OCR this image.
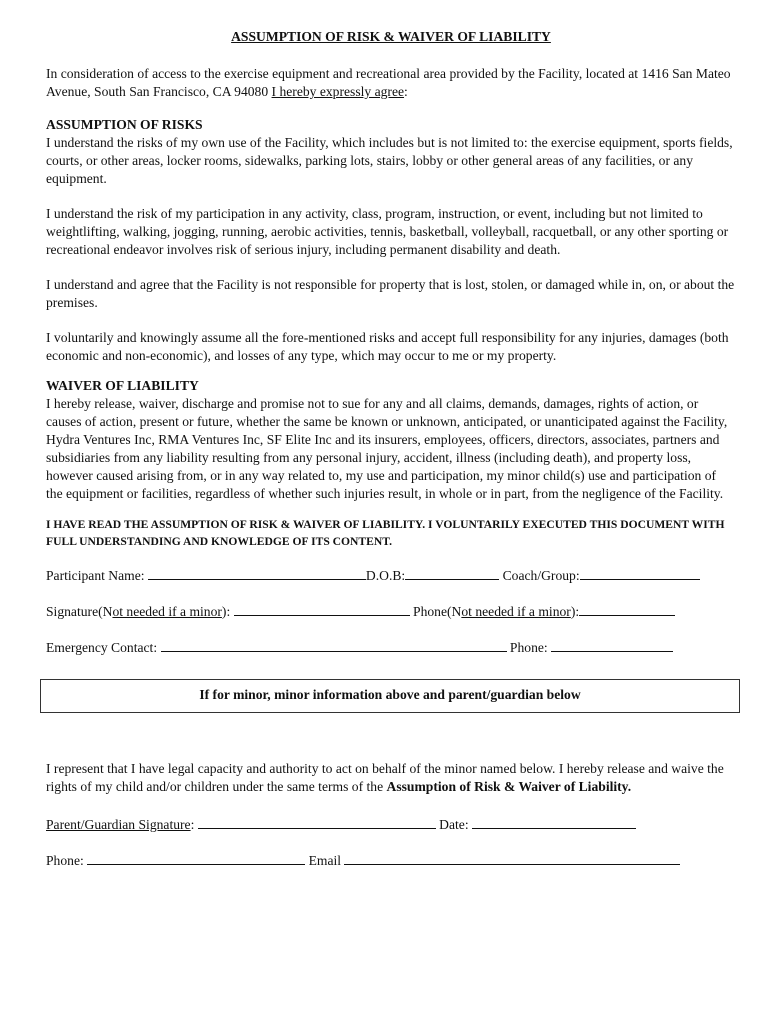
ASSUMPTION OF RISK & WAIVER OF LIABILITY

In consideration of access to the exercise equipment and recreational area provided by the Facility, located at 1416 San Mateo Avenue, South San Francisco, CA 94080 I hereby expressly agree:

ASSUMPTION OF RISKS

I understand the risks of my own use of the Facility, which includes but is not limited to: the exercise equipment, sports fields, courts, or other areas, locker rooms, sidewalks, parking lots, stairs, lobby or other general areas of any facilities, or any equipment.

I understand the risk of my participation in any activity, class, program, instruction, or event, including but not limited to weightlifting, walking, jogging, running, aerobic activities, tennis, basketball, volleyball, racquetball, or any other sporting or recreational endeavor involves risk of serious injury, including permanent disability and death.

I understand and agree that the Facility is not responsible for property that is lost, stolen, or damaged while in, on, or about the premises.

I voluntarily and knowingly assume all the fore-mentioned risks and accept full responsibility for any injuries, damages (both economic and non-economic), and losses of any type, which may occur to me or my property.

WAIVER OF LIABILITY

I hereby release, waiver, discharge and promise not to sue for any and all claims, demands, damages, rights of action, or causes of action, present or future, whether the same be known or unknown, anticipated, or unanticipated against the Facility, Hydra Ventures Inc, RMA Ventures Inc, SF Elite Inc and its insurers, employees, officers, directors, associates, partners and subsidiaries from any liability resulting from any personal injury, accident, illness (including death), and property loss, however caused arising from, or in any way related to, my use and participation, my minor child(s) use and participation of the equipment or facilities, regardless of whether such injuries result, in whole or in part, from the negligence of the Facility.

I HAVE READ THE ASSUMPTION OF RISK & WAIVER OF LIABILITY. I VOLUNTARILY EXECUTED THIS DOCUMENT WITH FULL UNDERSTANDING AND KNOWLEDGE OF ITS CONTENT.

Participant Name:	D.O.B:	Coach/Group:
Signature(Not needed if a minor):	Phone(Not needed if a minor):
Emergency Contact:	Phone:
If for minor, minor information above and parent/guardian below

I represent that I have legal capacity and authority to act on behalf of the minor named below. I hereby release and waive the rights of my child and/or children under the same terms of the Assumption of Risk & Waiver of Liability.

Parent/Guardian Signature:	Date:
Phone:	Email
